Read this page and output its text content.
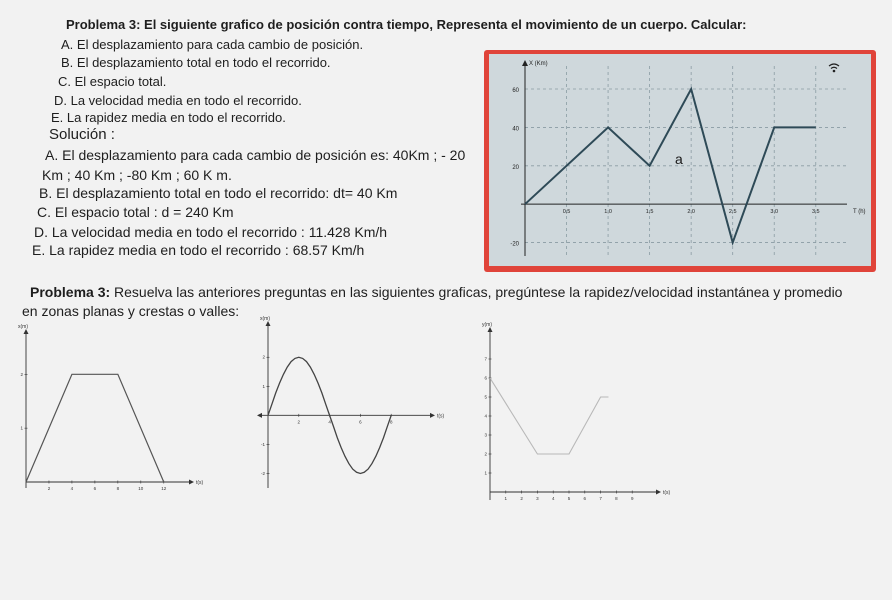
Problema 3: El siguiente grafico de posición contra tiempo, Representa el movimiento de un cuerpo. Calcular:
A. El desplazamiento para cada cambio de posición.
B. El desplazamiento total en todo el recorrido.
C. El espacio total.
D. La velocidad media en todo el recorrido.
E. La rapidez media en todo el recorrido.
Solución :
A. El desplazamiento para cada cambio de posición es: 40Km ; - 20
Km ; 40 Km ; -80 Km ; 60 K m.
B. El desplazamiento total en todo el recorrido: dt= 40 Km
C. El espacio total : d = 240 Km
D. La velocidad media en todo el recorrido : 11.428 Km/h
E. La rapidez media en todo el recorrido : 68.57 Km/h
Problema 3: Resuelva las anteriores preguntas en las siguientes graficas, pregúntese la rapidez/velocidad instantánea y promedio
en zonas planas y crestas o valles:
60
40
20
-20
0,5	1,0	1,5	2,0	2,5	3,0	3,5
X (Km)
T (h)
a
x(m)
t(s)
2	4	6	8	10	12
2
1
x(m)
t(s)
2	4	6	8
2
1
-1
-2
y(m)
t(s)
1	2	3	4	5	6	7	8	9
7
6
5
4
3
2
1
